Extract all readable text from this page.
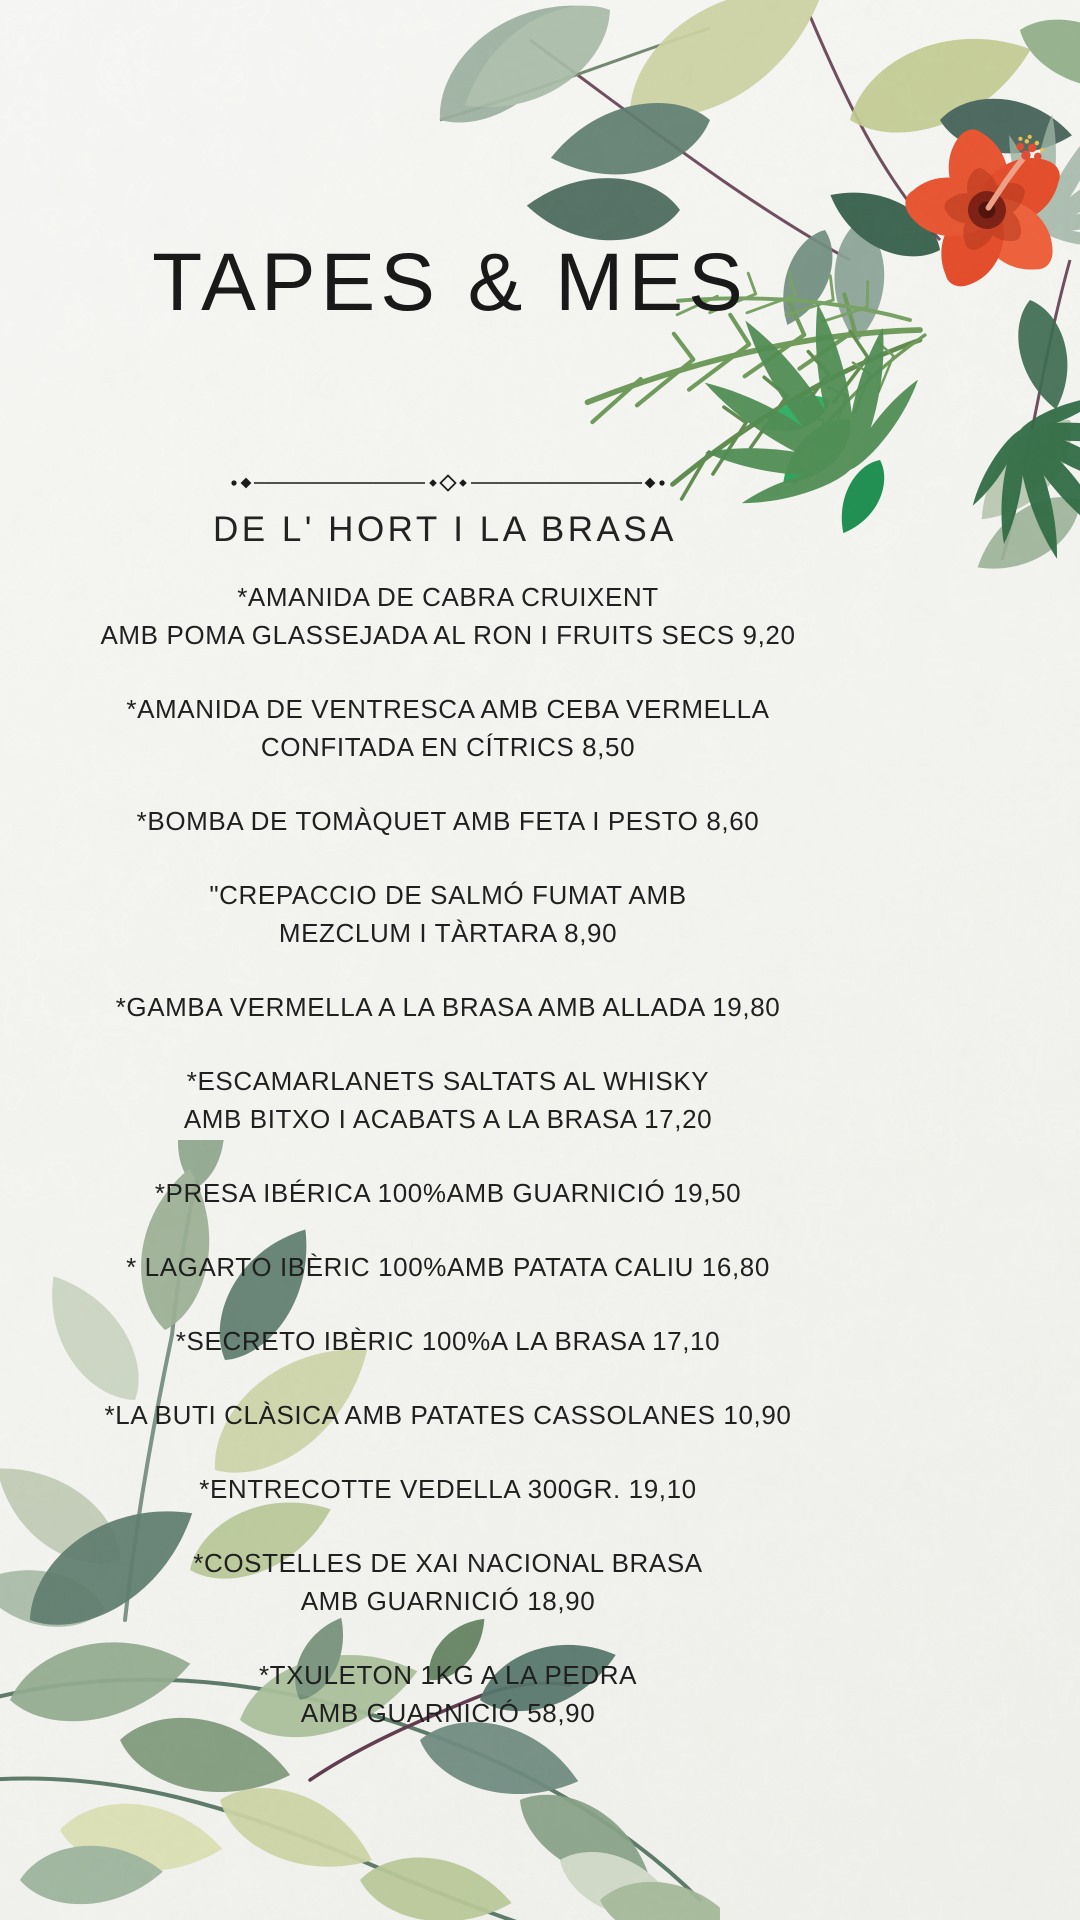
TAPES & MES
DE L' HORT I LA BRASA
*AMANIDA DE CABRA CRUIXENT
AMB POMA GLASSEJADA AL RON I FRUITS SECS 9,20
*AMANIDA DE VENTRESCA AMB CEBA VERMELLA
CONFITADA EN CÍTRICS 8,50
*BOMBA DE TOMÀQUET AMB FETA I PESTO 8,60
"CREPACCIO DE SALMÓ FUMAT AMB
MEZCLUM I TÀRTARA 8,90
*GAMBA VERMELLA A LA BRASA AMB ALLADA 19,80
*ESCAMARLANETS SALTATS AL WHISKY
AMB BITXO I ACABATS A LA BRASA 17,20
*PRESA IBÉRICA 100%AMB GUARNICIÓ 19,50
* LAGARTO IBÈRIC 100%AMB PATATA CALIU 16,80
*SECRETO IBÈRIC 100%A LA BRASA 17,10
*LA BUTI CLÀSICA AMB PATATES CASSOLANES 10,90
*ENTRECOTTE VEDELLA 300GR. 19,10
*COSTELLES DE XAI NACIONAL BRASA
AMB GUARNICIÓ 18,90
*TXULETON 1KG A LA PEDRA
AMB GUARNICIÓ 58,90
